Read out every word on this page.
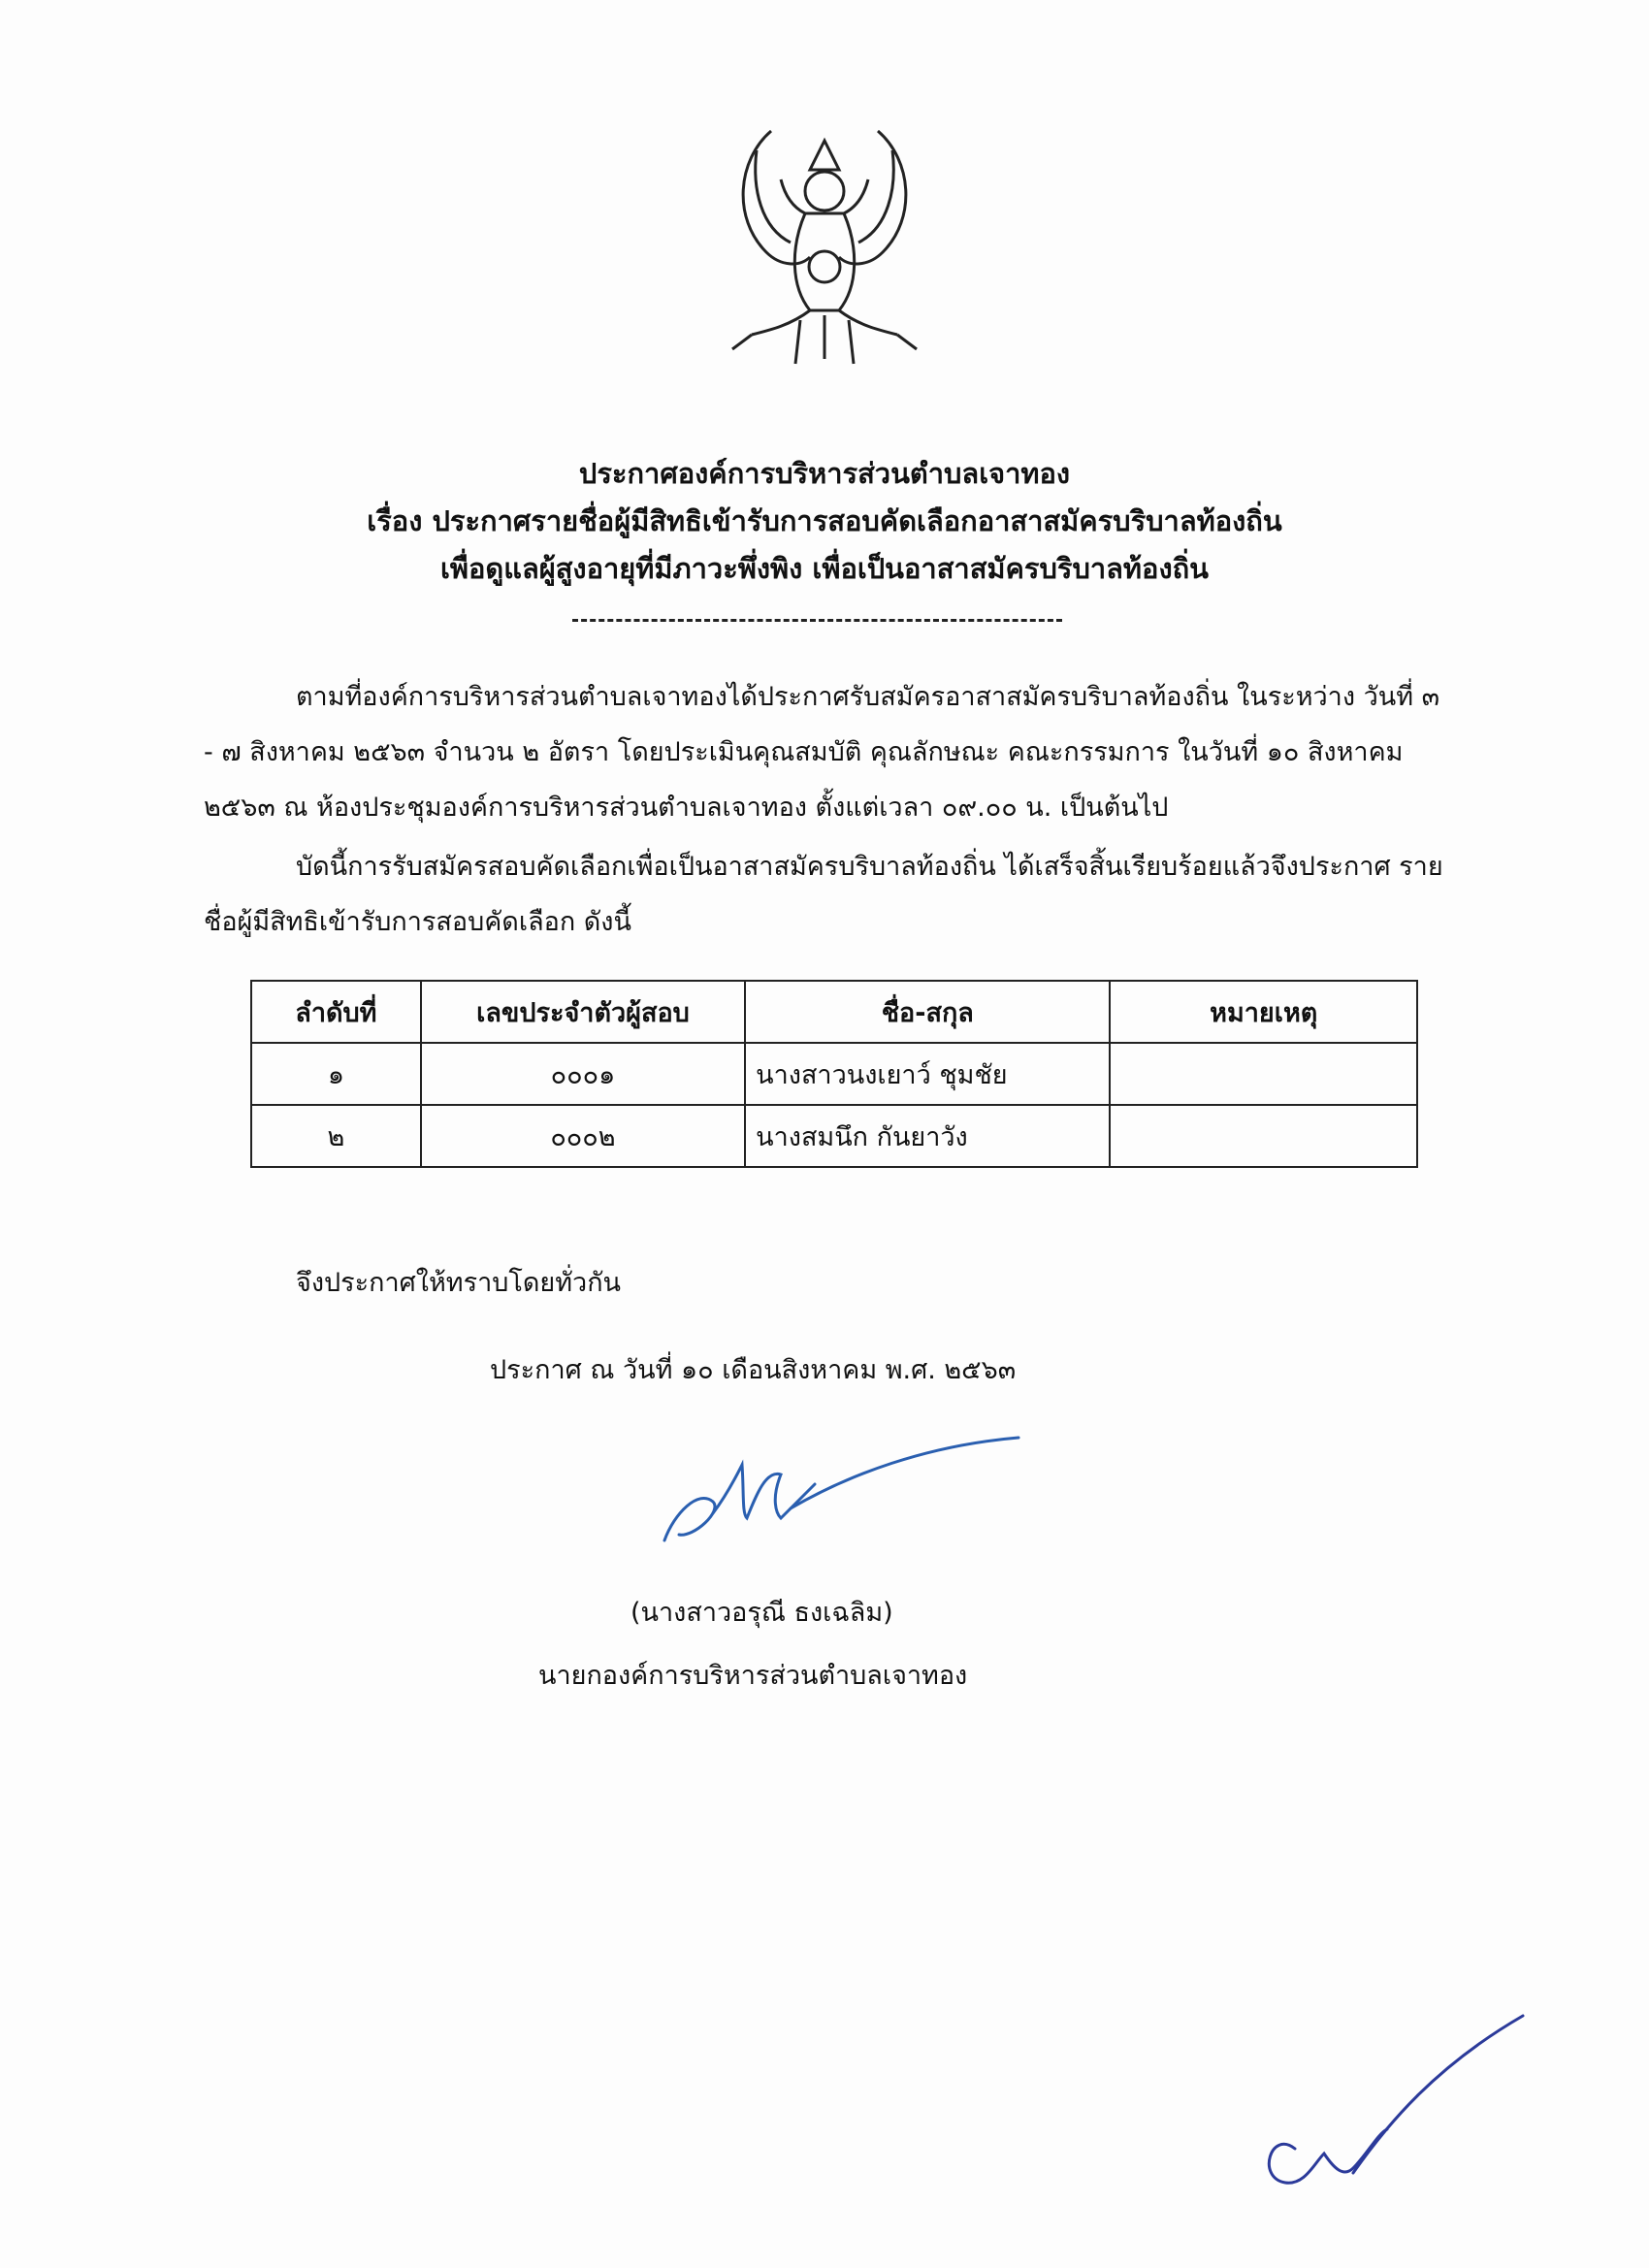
ประกาศองค์การบริหารส่วนตำบลเจาทอง
เรื่อง ประกาศรายชื่อผู้มีสิทธิเข้ารับการสอบคัดเลือกอาสาสมัครบริบาลท้องถิ่น
เพื่อดูแลผู้สูงอายุที่มีภาวะพึ่งพิง เพื่อเป็นอาสาสมัครบริบาลท้องถิ่น
ตามที่องค์การบริหารส่วนตำบลเจาทองได้ประกาศรับสมัครอาสาสมัครบริบาลท้องถิ่น ในระหว่าง วันที่ ๓ - ๗ สิงหาคม ๒๕๖๓ จำนวน ๒ อัตรา โดยประเมินคุณสมบัติ คุณลักษณะ คณะกรรมการ ในวันที่ ๑๐ สิงหาคม ๒๕๖๓ ณ ห้องประชุมองค์การบริหารส่วนตำบลเจาทอง ตั้งแต่เวลา ๐๙.๐๐ น. เป็นต้นไป
บัดนี้การรับสมัครสอบคัดเลือกเพื่อเป็นอาสาสมัครบริบาลท้องถิ่น ได้เสร็จสิ้นเรียบร้อยแล้วจึงประกาศ รายชื่อผู้มีสิทธิเข้ารับการสอบคัดเลือก ดังนี้
ลำดับที่	เลขประจำตัวผู้สอบ	ชื่อ-สกุล	หมายเหตุ
๑	๐๐๐๑	นางสาวนงเยาว์ ชุมชัย	
๒	๐๐๐๒	นางสมนึก กันยาวัง	
จึงประกาศให้ทราบโดยทั่วกัน
ประกาศ ณ วันที่ ๑๐ เดือนสิงหาคม พ.ศ. ๒๕๖๓
(นางสาวอรุณี ธงเฉลิม)
นายกองค์การบริหารส่วนตำบลเจาทอง
